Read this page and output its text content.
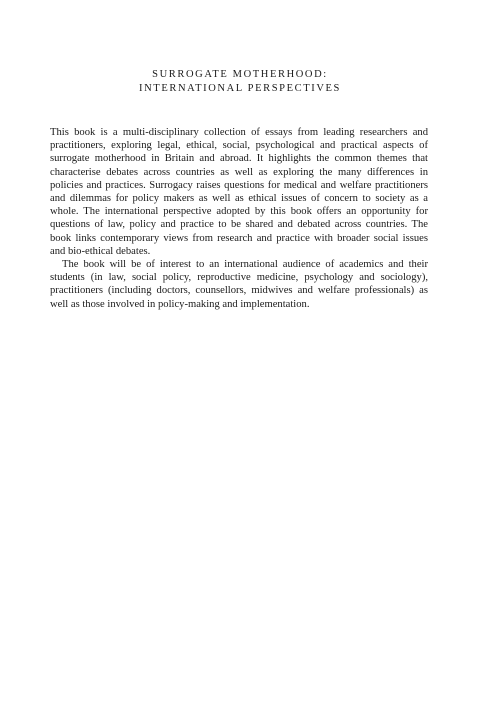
SURROGATE MOTHERHOOD:
INTERNATIONAL PERSPECTIVES

This book is a multi-disciplinary collection of essays from leading researchers and practitioners, exploring legal, ethical, social, psychological and practical aspects of surrogate motherhood in Britain and abroad. It highlights the common themes that characterise debates across countries as well as exploring the many differences in policies and practices. Surrogacy raises questions for medical and welfare practitioners and dilemmas for policy makers as well as ethical issues of concern to society as a whole. The international perspective adopted by this book offers an opportunity for questions of law, policy and practice to be shared and debated across countries. The book links contemporary views from research and practice with broader social issues and bio-ethical debates.

The book will be of interest to an international audience of academics and their students (in law, social policy, reproductive medicine, psychology and sociology), practitioners (including doctors, counsellors, midwives and welfare professionals) as well as those involved in policy-making and implementation.
